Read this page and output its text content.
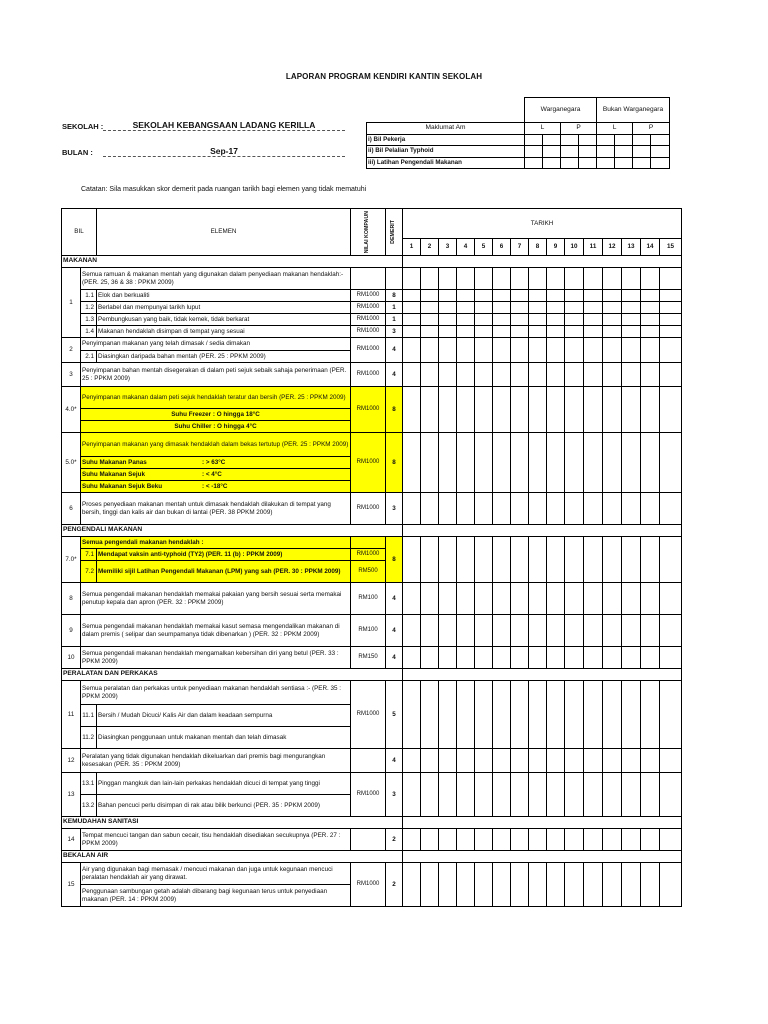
LAPORAN PROGRAM KENDIRI KANTIN SEKOLAH
SEKOLAH :	SEKOLAH KEBANGSAAN LADANG KERILLA
BULAN :	Sep-17
	Warganegara				Bukan Warganegara			
Maklumat Am	L		P		L		P	
i) Bil Pekerja								
ii) Bil Pelalian Typhoid								
iii) Latihan Pengendali Makanan								
Catatan: Sila masukkan skor demerit pada ruangan tarikh bagi elemen yang tidak mematuhi
BIL		ELEMEN	NILAI KOMPAUN	DEMERIT	TARIKH														
					1	2	3	4	5	6	7	8	9	10	11	12	13	14	15
MAKANAN																			
1	Semua ramuan & makanan mentah yang digunakan dalam penyediaan makanan hendaklah:- (PER. 25, 36 & 38 : PPKM 2009)																		
	1.1	Elok dan berkualiti	RM1000	8															
	1.2	Berlabel dan mempunyai tarikh luput	RM1000	1															
	1.3	Pembungkusan yang baik, tidak kemek, tidak berkarat	RM1000	1															
	1.4	Makanan hendaklah disimpan di tempat yang sesuai	RM1000	3															
2	Penyimpanan makanan yang telah dimasak / sedia dimakan		RM1000	4															
	2.1	Diasingkan daripada bahan mentah (PER. 25 : PPKM 2009)																	
3	Penyimpanan bahan mentah disegerakan di dalam peti sejuk sebaik sahaja penerimaan (PER. 25 : PPKM 2009)		RM1000	4															
4.0*	Penyimpanan makanan dalam peti sejuk hendaklah teratur dan bersih (PER. 25 : PPKM 2009)		RM1000	8															
	Suhu Freezer : O hingga 18°C																		
	Suhu Chiller : O hingga 4°C																		
5.0*	Penyimpanan makanan yang dimasak hendaklah dalam bekas tertutup (PER. 25 : PPKM 2009)		RM1000	8															
	Suhu Makanan Panas : > 63°C																		
	Suhu Makanan Sejuk : < 4°C																		
	Suhu Makanan Sejuk Beku : < -18°C																		
6	Proses penyediaan makanan mentah untuk dimasak hendaklah dilakukan di tempat yang bersih, tinggi dan kalis air dan bukan di lantai (PER. 38 PPKM 2009)		RM1000	3															
PENGENDALI MAKANAN																			
7.0*	Semua pengendali makanan hendaklah :			8															
	7.1	Mendapat vaksin anti-typhoid (TY2) (PER. 11 (b) : PPKM 2009)	RM1000																
	7.2	Memiliki sijil Latihan Pengendali Makanan (LPM) yang sah (PER. 30 : PPKM 2009)	RM500																
8	Semua pengendali makanan hendaklah memakai pakaian yang bersih sesuai serta memakai penutup kepala dan apron (PER. 32 : PPKM 2009)		RM100	4															
9	Semua pengendali makanan hendaklah memakai kasut semasa mengendalikan makanan di dalam premis ( selipar dan seumpamanya tidak dibenarkan ) (PER. 32 : PPKM 2009)		RM100	4															
10	Semua pengendali makanan hendaklah mengamalkan kebersihan diri yang betul (PER. 33 : PPKM 2009)		RM150	4															
PERALATAN DAN PERKAKAS																			
11	Semua peralatan dan perkakas untuk penyediaan makanan hendaklah sentiasa :- (PER. 35 : PPKM 2009)		RM1000	5															
	11.1	Bersih / Mudah Dicuci/ Kalis Air dan dalam keadaan sempurna																	
	11.2	Diasingkan penggunaan untuk makanan mentah dan telah dimasak																	
12	Peralatan yang tidak digunakan hendaklah dikeluarkan dari premis bagi mengurangkan kesesakan (PER. 35 : PPKM 2009)			4															
13	13.1	Pinggan mangkuk dan lain-lain perkakas hendaklah dicuci di tempat yang tinggi	RM1000	3															
	13.2	Bahan pencuci perlu disimpan di rak atau bilik berkunci (PER. 35 : PPKM 2009)																	
KEMUDAHAN SANITASI																			
14	Tempat mencuci tangan dan sabun cecair, tisu hendaklah disediakan secukupnya (PER. 27 : PPKM 2009)			2															
BEKALAN AIR																			
15	Air yang digunakan bagi memasak / mencuci makanan dan juga untuk kegunaan mencuci peralatan hendaklah air yang dirawat.		RM1000	2															
	Penggunaan sambungan getah adalah dibarang bagi kegunaan terus untuk penyediaan makanan (PER. 14 : PPKM 2009)																		
